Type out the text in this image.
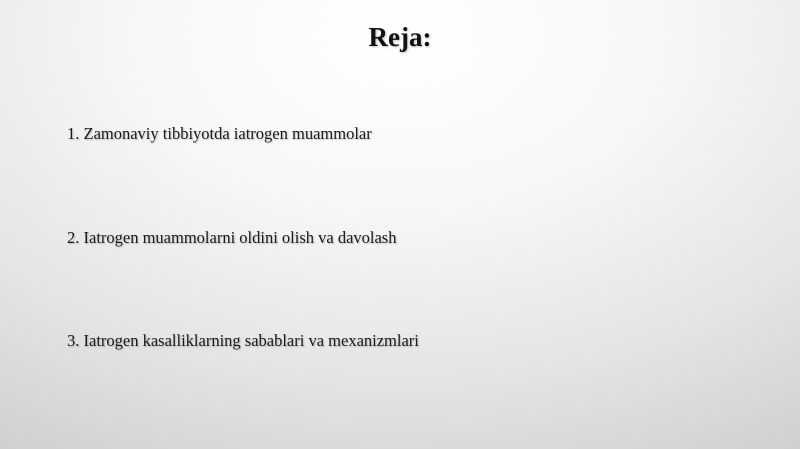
Reja:
1. Zamonaviy tibbiyotda iatrogen muammolar
2. Iatrogen muammolarni oldini olish va davolash
3. Iatrogen kasalliklarning sabablari va mexanizmlari
